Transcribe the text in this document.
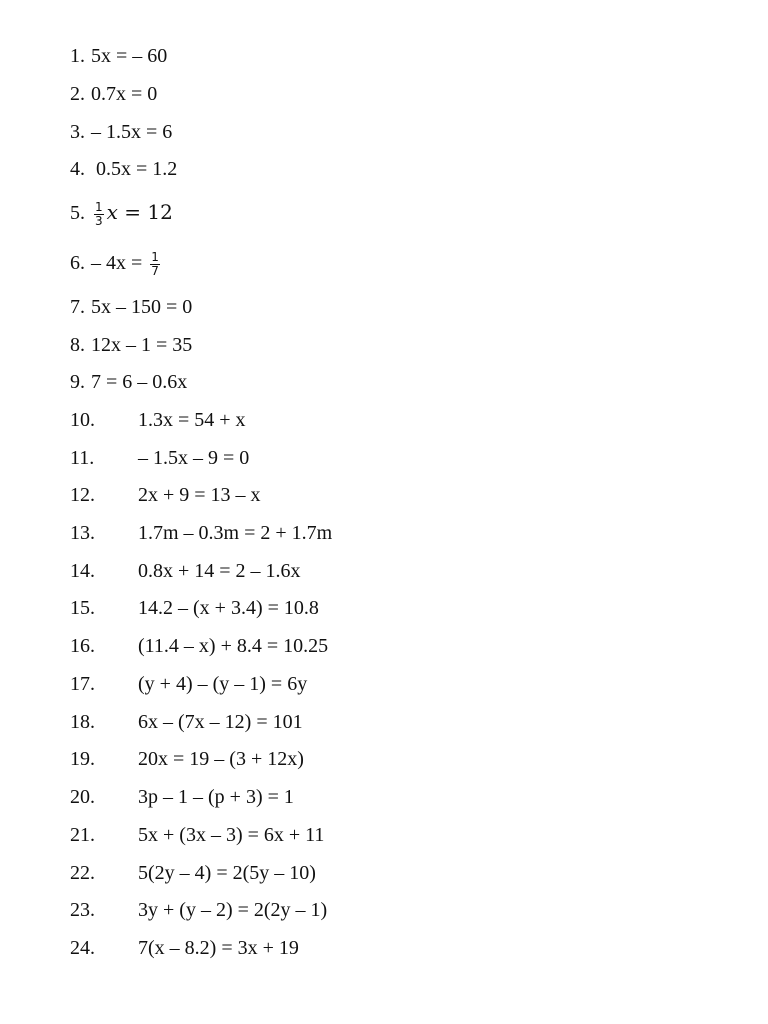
1. 5x = – 60
2. 0.7x = 0
3. – 1.5x = 6
4. 0.5x = 1.2
5. $\frac{1}{3}$ x = 12
6. – $4x = \frac{1}{7}$
7. 5x – 150 = 0
8. 12x – 1 = 35
9. 7 = 6 – 0.6x
10. 1.3x = 54 + x
11. – 1.5x – 9 = 0
12. 2x + 9 = 13 – x
13. 1.7m – 0.3m = 2 + 1.7m
14. 0.8x + 14 = 2 – 1.6x
15. 14.2 – (x + 3.4) = 10.8
16. (11.4 – x) + 8.4 = 10.25
17. (y + 4) – (y – 1) = 6y
18. 6x – (7x – 12) = 101
19. 20x = 19 – (3 + 12x)
20. 3p – 1 – (p + 3) = 1
21. 5x + (3x – 3) = 6x + 11
22. 5(2y – 4) = 2(5y – 10)
23. 3y + (y – 2) = 2(2y – 1)
24. 7(x – 8.2) = 3x + 19
